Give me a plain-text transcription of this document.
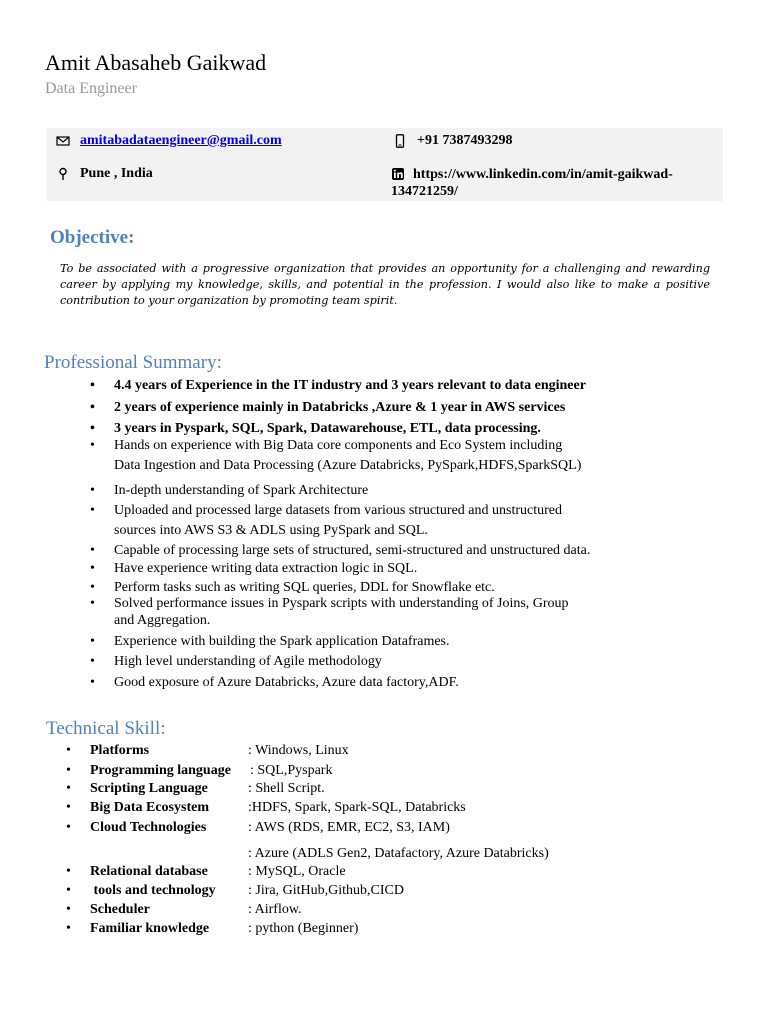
Amit Abasaheb Gaikwad
Data Engineer
amitabadataengineer@gmail.com	+91 7387493298
Pune , India	https://www.linkedin.com/in/amit-gaikwad-
134721259/
Objective:

To be associated with a progressive organization that provides an opportunity for a challenging and rewarding career by applying my knowledge, skills, and potential in the profession. I would also like to make a positive contribution to your organization by promoting team spirit.

Professional Summary:
• 4.4 years of Experience in the IT industry and 3 years relevant to data engineer
• 2 years of experience mainly in Databricks ,Azure & 1 year in AWS services
• 3 years in Pyspark, SQL, Spark, Datawarehouse, ETL, data processing.
• Hands on experience with Big Data core components and Eco System including
Data Ingestion and Data Processing (Azure Databricks, PySpark,HDFS,SparkSQL)
• In-depth understanding of Spark Architecture
• Uploaded and processed large datasets from various structured and unstructured
sources into AWS S3 & ADLS using PySpark and SQL.
• Capable of processing large sets of structured, semi-structured and unstructured data.
• Have experience writing data extraction logic in SQL.
• Perform tasks such as writing SQL queries, DDL for Snowflake etc.
• Solved performance issues in Pyspark scripts with understanding of Joins, Group
and Aggregation.
• Experience with building the Spark application Dataframes.
• High level understanding of Agile methodology
• Good exposure of Azure Databricks, Azure data factory,ADF.
Technical Skill:
• Platforms	: Windows, Linux
• Programming language : SQL,Pyspark
• Scripting Language	: Shell Script.
• Big Data Ecosystem	:HDFS, Spark, Spark-SQL, Databricks
• Cloud Technologies	: AWS (RDS, EMR, EC2, S3, IAM)
: Azure (ADLS Gen2, Datafactory, Azure Databricks)
• Relational database	: MySQL, Oracle
• tools and technology : Jira, GitHub,Github,CICD
• Scheduler	: Airflow.
• Familiar knowledge	: python (Beginner)
